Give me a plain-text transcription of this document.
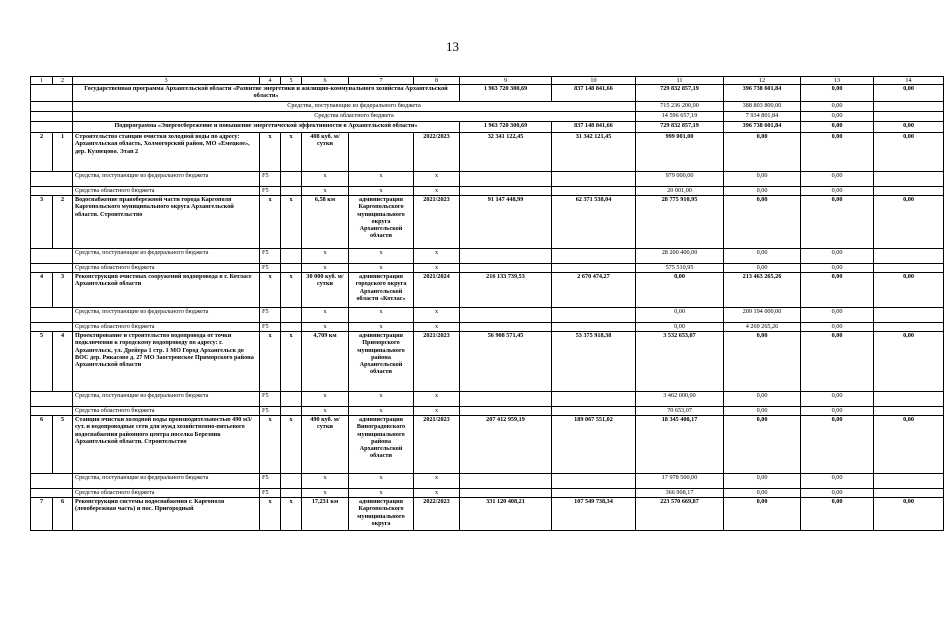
13
1	2	3	4	5	6	7	8	9	10	11	12	13	14
		Государственная программа Архангельской области «Развитие энергетики и жилищно-коммунального хозяйства Архангельской области»						1 963 720 300,69	837 148 841,66	729 832 857,19	396 738 601,84	0,00	0,00
		Средства, поступающие из федерального бюджета								715 236 200,00	388 803 800,00	0,00	
		Средства областного бюджета								14 596 657,19	7 934 801,84	0,00	
		Подпрограмма «Энергосбережение и повышение энергетической эффективности в Архангельской области»						1 963 720 300,69	837 148 841,66	729 832 857,19	396 738 601,84	0,00	0,00
2	1	Строительство станции очистки холодной воды по адресу: Архангельская область, Холмогорский район, МО «Емецкое», дер. Кузнецово. Этап 2	х	х	408 куб. м/ сутки		2022/2023	32 341 122,45	31 342 121,45	999 001,00	0,00	0,00	0,00
		Средства, поступающие из федерального бюджета	F5		х	х	х			979 000,00	0,00	0,00	
		Средства областного бюджета	F5		х	х	х			20 001,00	0,00	0,00	
3	2	Водоснабжение правобережной части города Каргополя Каргопольского муниципального округа Архангельской области. Строительство	х	х	6,58 км	администрация Каргопольского муниципального округа Архангельской области	2021/2023	91 147 448,99	62 371 538,04	28 775 910,95	0,00	0,00	0,00
		Средства, поступающие из федерального бюджета	F5		х	х	х			28 200 400,00	0,00	0,00	
		Средства областного бюджета	F5		х	х	х			575 510,95	0,00	0,00	
4	3	Реконструкция очистных сооружений водопровода в г. Котласе Архангельской области	х	х	30 000 куб. м/ сутки	администрация городского округа Архангельской области «Котлас»	2021/2024	216 133 739,53	2 670 474,27	0,00	213 463 265,26	0,00	0,00
		Средства, поступающие из федерального бюджета	F5		х	х	х			0,00	209 194 000,00	0,00	
		Средства областного бюджета	F5		х	х	х			0,00	4 269 265,26	0,00	
5	4	Проектирование и строительство водопровода от точки подключения к городскому водопроводу по адресу: г. Архангельск, ул. Дрейера 1 стр. 1 МО Город Архангельск до ВОС дер. Рикасово д. 27 МО Заостровское Приморского района Архангельской области	х	х	4,709 км	администрация Приморского муниципального района Архангельской области	2021/2023	56 908 571,45	53 375 918,38	3 532 653,07	0,00	0,00	0,00
		Средства, поступающие из федерального бюджета	F5		х	х	х			3 462 000,00	0,00	0,00	
		Средства областного бюджета	F5		х	х	х			70 653,07	0,00	0,00	
6	5	Станция очистки холодной воды производительностью 490 м3/сут. и водопроводные сети для нужд хозяйственно-питьевого водоснабжения районного центра поселка Березник Архангельской области. Строительство	х	х	490 куб. м/ сутки	администрация Виноградовского муниципального района Архангельской области	2021/2023	207 412 959,19	189 067 551,02	18 345 408,17	0,00	0,00	0,00
		Средства, поступающие из федерального бюджета	F5		х	х	х			17 978 500,00	0,00	0,00	
		Средства областного бюджета	F5		х	х	х			366 908,17	0,00	0,00	
7	6	Реконструкция системы водоснабжения г. Каргополя (левобережная часть) и пос. Пригородный	х	х	17,231 км	администрация Каргопольского муниципального округа	2022/2023	331 120 408,21	107 549 738,34	223 570 669,87	0,00	0,00	0,00
